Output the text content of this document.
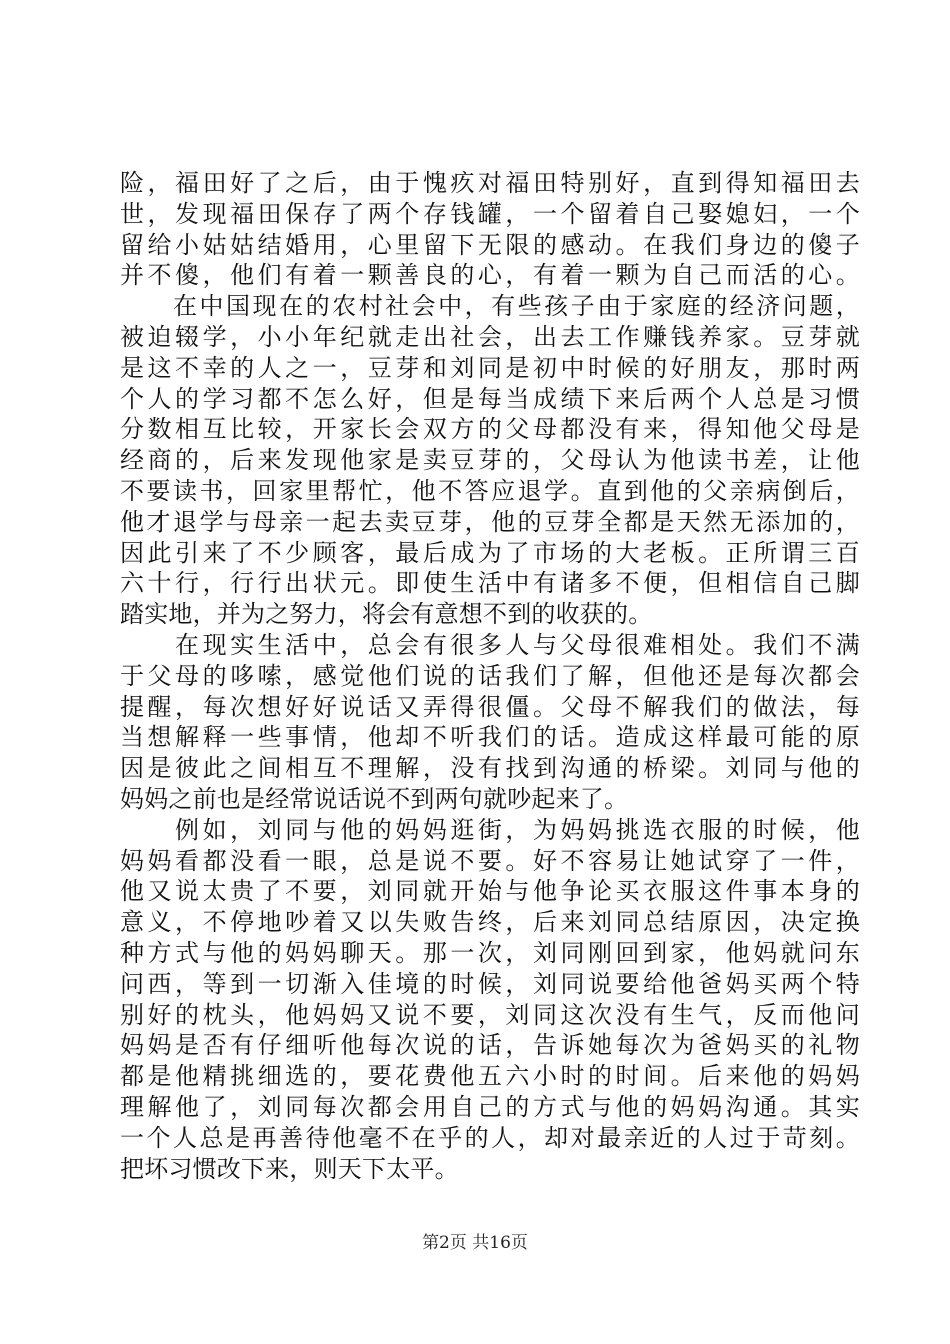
险，福田好了之后，由于愧疚对福田特别好，直到得知福田去
世，发现福田保存了两个存钱罐，一个留着自己娶媳妇，一个
留给小姑姑结婚用，心里留下无限的感动。在我们身边的傻子
并不傻，他们有着一颗善良的心，有着一颗为自己而活的心。
　　在中国现在的农村社会中，有些孩子由于家庭的经济问题，
被迫辍学，小小年纪就走出社会，出去工作赚钱养家。豆芽就
是这不幸的人之一，豆芽和刘同是初中时候的好朋友，那时两
个人的学习都不怎么好，但是每当成绩下来后两个人总是习惯
分数相互比较，开家长会双方的父母都没有来，得知他父母是
经商的，后来发现他家是卖豆芽的，父母认为他读书差，让他
不要读书，回家里帮忙，他不答应退学。直到他的父亲病倒后，
他才退学与母亲一起去卖豆芽，他的豆芽全都是天然无添加的，
因此引来了不少顾客，最后成为了市场的大老板。正所谓三百
六十行，行行出状元。即使生活中有诸多不便，但相信自己脚
踏实地，并为之努力，将会有意想不到的收获的。
　　在现实生活中，总会有很多人与父母很难相处。我们不满
于父母的哆嗦，感觉他们说的话我们了解，但他还是每次都会
提醒，每次想好好说话又弄得很僵。父母不解我们的做法，每
当想解释一些事情，他却不听我们的话。造成这样最可能的原
因是彼此之间相互不理解，没有找到沟通的桥梁。刘同与他的
妈妈之前也是经常说话说不到两句就吵起来了。
　　例如，刘同与他的妈妈逛街，为妈妈挑选衣服的时候，他
妈妈看都没看一眼，总是说不要。好不容易让她试穿了一件，
他又说太贵了不要，刘同就开始与他争论买衣服这件事本身的
意义，不停地吵着又以失败告终，后来刘同总结原因，决定换
种方式与他的妈妈聊天。那一次，刘同刚回到家，他妈就问东
问西，等到一切渐入佳境的时候，刘同说要给他爸妈买两个特
别好的枕头，他妈妈又说不要，刘同这次没有生气，反而他问
妈妈是否有仔细听他每次说的话，告诉她每次为爸妈买的礼物
都是他精挑细选的，要花费他五六小时的时间。后来他的妈妈
理解他了，刘同每次都会用自己的方式与他的妈妈沟通。其实
一个人总是再善待他毫不在乎的人，却对最亲近的人过于苛刻。
把坏习惯改下来，则天下太平。
第2页 共16页
